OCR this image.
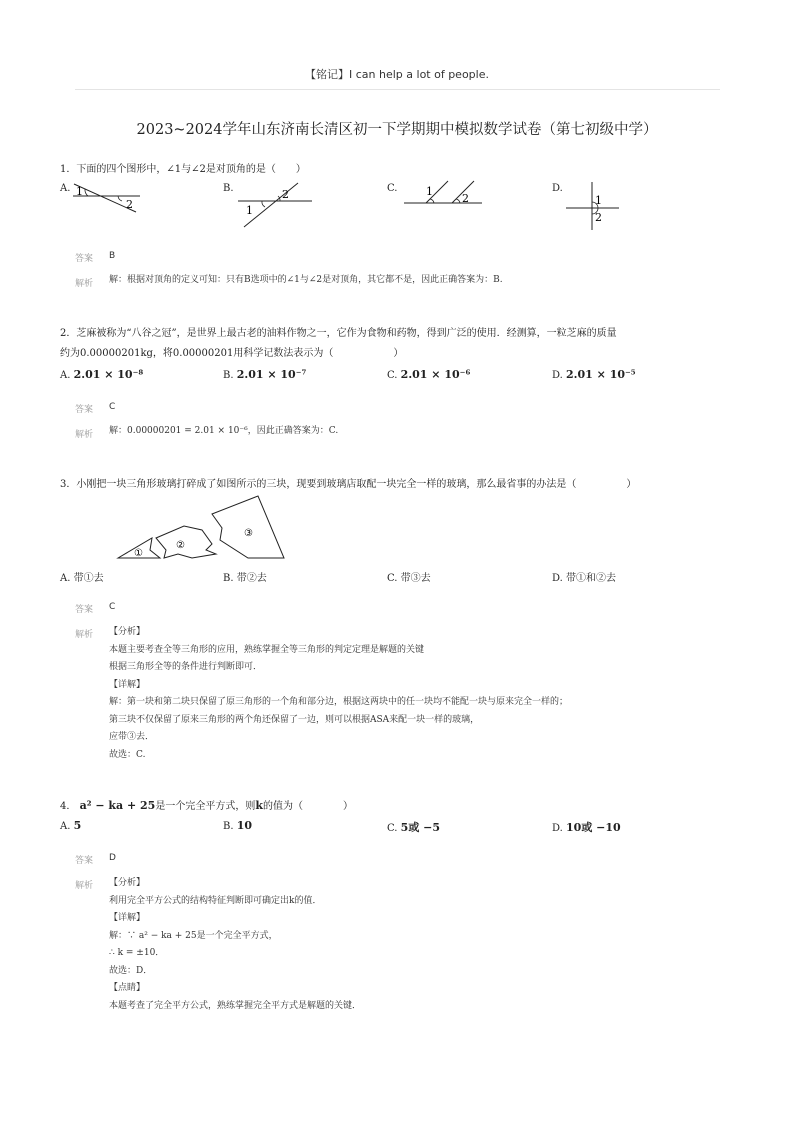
【铭记】I can help a lot of people.
2023~2024学年山东济南长清区初一下学期期中模拟数学试卷（第七初级中学）
1．下面的四个图形中，∠1与∠2是对顶角的是（　　）
A.	B.	C.	D.
1
2
2
1
1
2	1
2
答案 B
解析 解：根据对顶角的定义可知：只有B选项中的∠1与∠2是对顶角，其它都不是，因此正确答案为：B.
2．芝麻被称为“八谷之冠”，是世界上最古老的油料作物之一，它作为食物和药物，得到广泛的使用．经测算，一粒芝麻的质量
约为0.00000201kg，将0.00000201用科学记数法表示为（　　　　　　）
A. 2.01 × 10⁻⁸	B. 2.01 × 10⁻⁷	C. 2.01 × 10⁻⁶	D. 2.01 × 10⁻⁵
答案 C
解析 解：0.00000201 = 2.01 × 10⁻⁶，因此正确答案为：C.
3．小刚把一块三角形玻璃打碎成了如图所示的三块，现要到玻璃店取配一块完全一样的玻璃，那么最省事的办法是（　　　　　）
①
②
③
A. 带①去	B. 带②去	C. 带③去	D. 带①和②去
答案 C
解析 【分析】
本题主要考查全等三角形的应用，熟练掌握全等三角形的判定定理是解题的关键
根据三角形全等的条件进行判断即可．
【详解】
解：第一块和第二块只保留了原三角形的一个角和部分边，根据这两块中的任一块均不能配一块与原来完全一样的；
第三块不仅保留了原来三角形的两个角还保留了一边，则可以根据ASA来配一块一样的玻璃，
应带③去．
故选：C.
4． a² − ka + 25是一个完全平方式，则k的值为（　　　　）
A. 5	B. 10	C. 5或 −5	D. 10或 −10
答案 D
解析 【分析】
利用完全平方公式的结构特征判断即可确定出k的值．
【详解】
解：∵ a² − ka + 25是一个完全平方式，
∴ k = ±10．
故选：D．
【点睛】
本题考查了完全平方公式，熟练掌握完全平方式是解题的关键．
